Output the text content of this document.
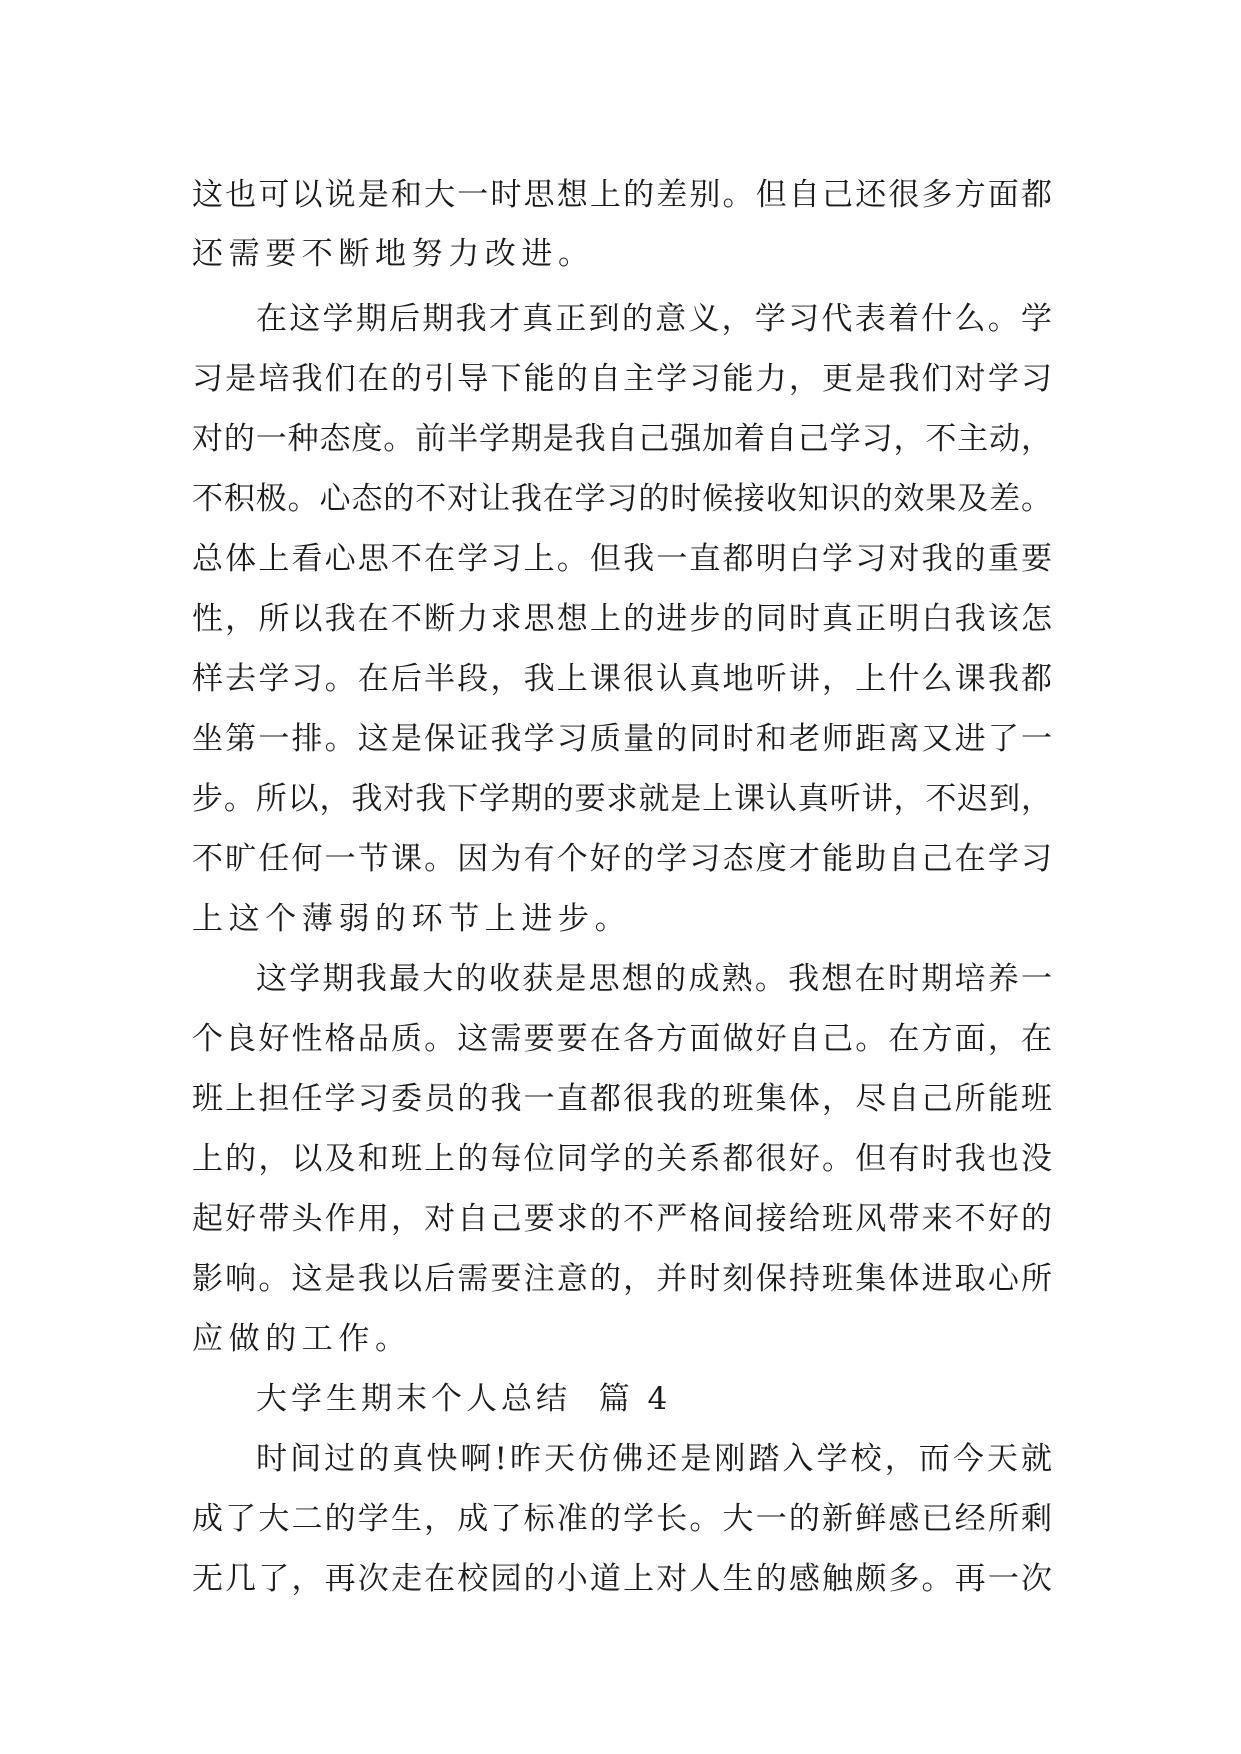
这也可以说是和大一时思想上的差别。但自己还很多方面都
还需要不断地努力改进。
在这学期后期我才真正到的意义，学习代表着什么。学
习是培我们在的引导下能的自主学习能力，更是我们对学习
对的一种态度。前半学期是我自己强加着自己学习，不主动，
不积极。心态的不对让我在学习的时候接收知识的效果及差。
总体上看心思不在学习上。但我一直都明白学习对我的重要
性，所以我在不断力求思想上的进步的同时真正明白我该怎
样去学习。在后半段，我上课很认真地听讲，上什么课我都
坐第一排。这是保证我学习质量的同时和老师距离又进了一
步。所以，我对我下学期的要求就是上课认真听讲，不迟到，
不旷任何一节课。因为有个好的学习态度才能助自己在学习
上这个薄弱的环节上进步。
这学期我最大的收获是思想的成熟。我想在时期培养一
个良好性格品质。这需要要在各方面做好自己。在方面，在
班上担任学习委员的我一直都很我的班集体，尽自己所能班
上的，以及和班上的每位同学的关系都很好。但有时我也没
起好带头作用，对自己要求的不严格间接给班风带来不好的
影响。这是我以后需要注意的，并时刻保持班集体进取心所
应做的工作。
大学生期末个人总结  篇 4
时间过的真快啊!昨天仿佛还是刚踏入学校，而今天就
成了大二的学生，成了标准的学长。大一的新鲜感已经所剩
无几了，再次走在校园的小道上对人生的感触颇多。再一次
